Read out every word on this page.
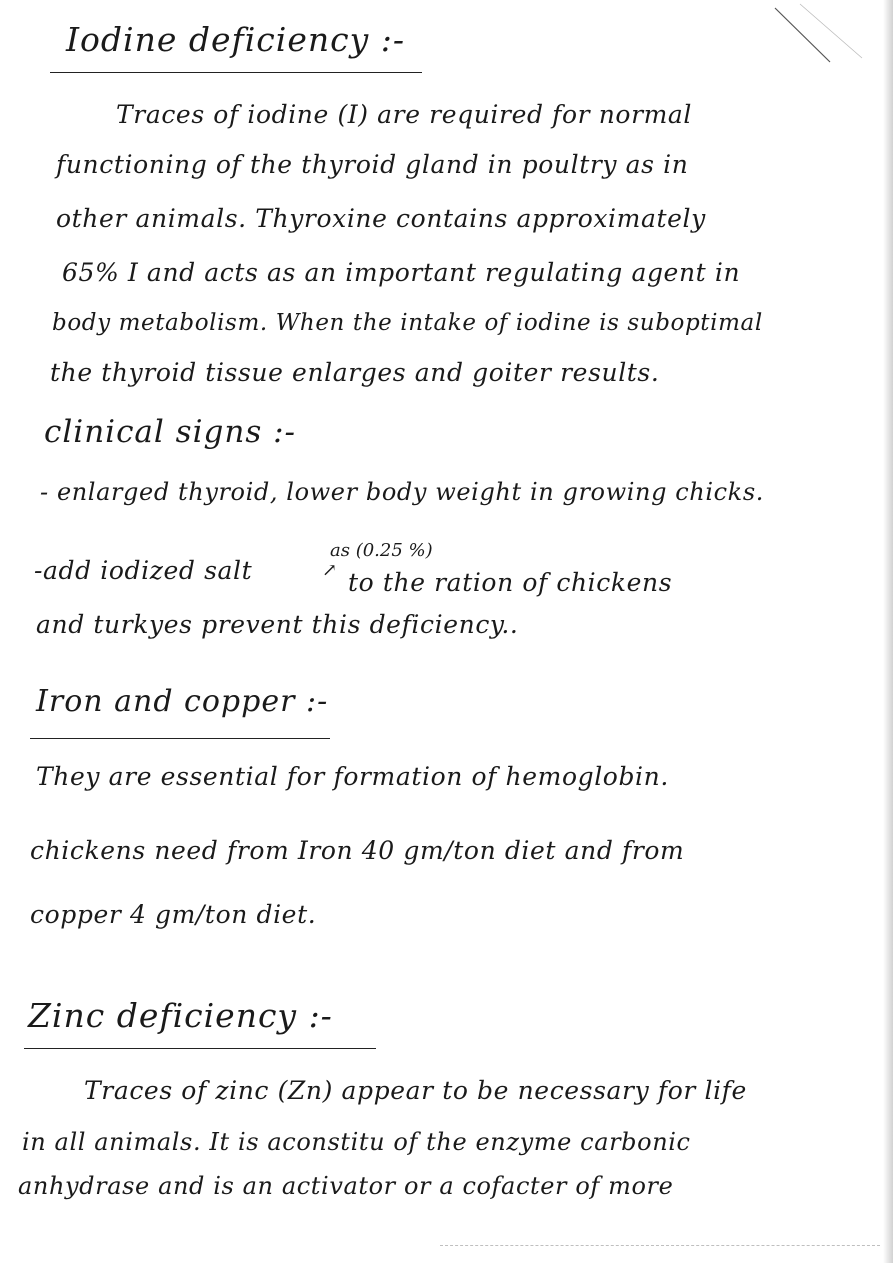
Iodine deficiency :-
Traces of iodine (I) are required for normal
functioning of the thyroid gland in poultry as in
other animals. Thyroxine contains approximately
65% I and acts as an important regulating agent in
body metabolism. When the intake of iodine is suboptimal
the thyroid tissue enlarges and goiter results.
clinical signs :-
- enlarged thyroid, lower body weight in growing chicks.
as (0.25 %)
↗
-add iodized salt	to the ration of chickens
and turkyes prevent this deficiency..
Iron and copper :-
They are essential for formation of hemoglobin.
chickens need from Iron 40 gm/ton diet and from
copper 4 gm/ton diet.
Zinc deficiency :-
Traces of zinc (Zn) appear to be necessary for life
in all animals. It is aconstitu of the enzyme carbonic
anhydrase and is an activator or a cofacter of more
